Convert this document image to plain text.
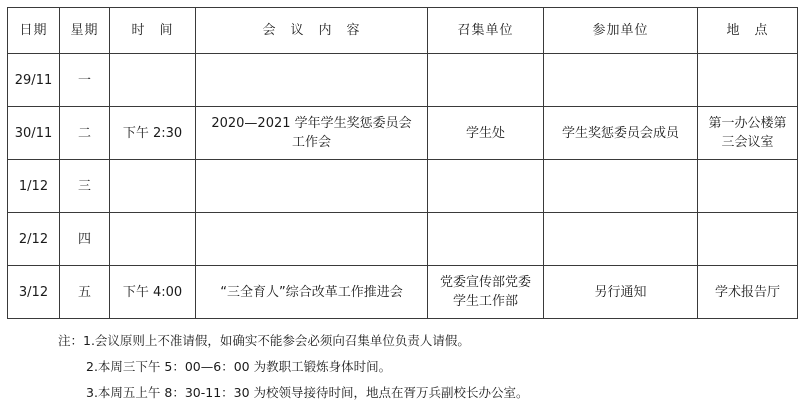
日期	星期	时　间	会　议　内　容	召集单位	参加单位	地　点
29/11	一					
30/11	二	下午 2:30	2020—2021 学年学生奖惩委员会工作会	学生处	学生奖惩委员会成员	第一办公楼第三会议室
1/12	三					
2/12	四					
3/12	五	下午 4:00	“三全育人”综合改革工作推进会	党委宣传部党委学生工作部	另行通知	学术报告厅
注：1.会议原则上不准请假，如确实不能参会必须向召集单位负责人请假。
2.本周三下午 5：00—6：00 为教职工锻炼身体时间。
3.本周五上午 8：30-11：30 为校领导接待时间，地点在胥万兵副校长办公室。
